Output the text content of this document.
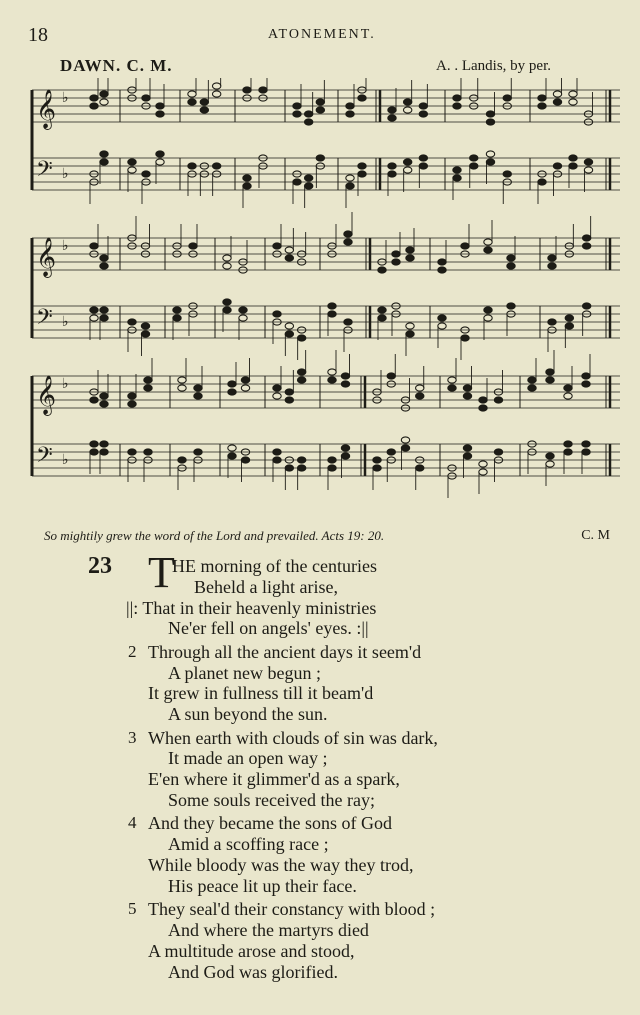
18	ATONEMENT.
DAWN. C. M.	A. . Landis, by per.
𝄞 ♭
𝄢 ♭
𝄞 ♭
𝄢 ♭
𝄞 ♭
𝄢 ♭
So mightily grew the word of the Lord and prevailed. Acts 19: 20.	C. M
23 T
HE morning of the centuries
Beheld a light arise,
||: That in their heavenly ministries
Ne'er fell on angels' eyes. :||
2 Through all the ancient days it seem'd
A planet new begun ;
It grew in fullness till it beam'd
A sun beyond the sun.
3 When earth with clouds of sin was dark,
It made an open way ;
E'en where it glimmer'd as a spark,
Some souls received the ray;
4 And they became the sons of God
Amid a scoffing race ;
While bloody was the way they trod,
His peace lit up their face.
5 They seal'd their constancy with blood ;
And where the martyrs died
A multitude arose and stood,
And God was glorified.
